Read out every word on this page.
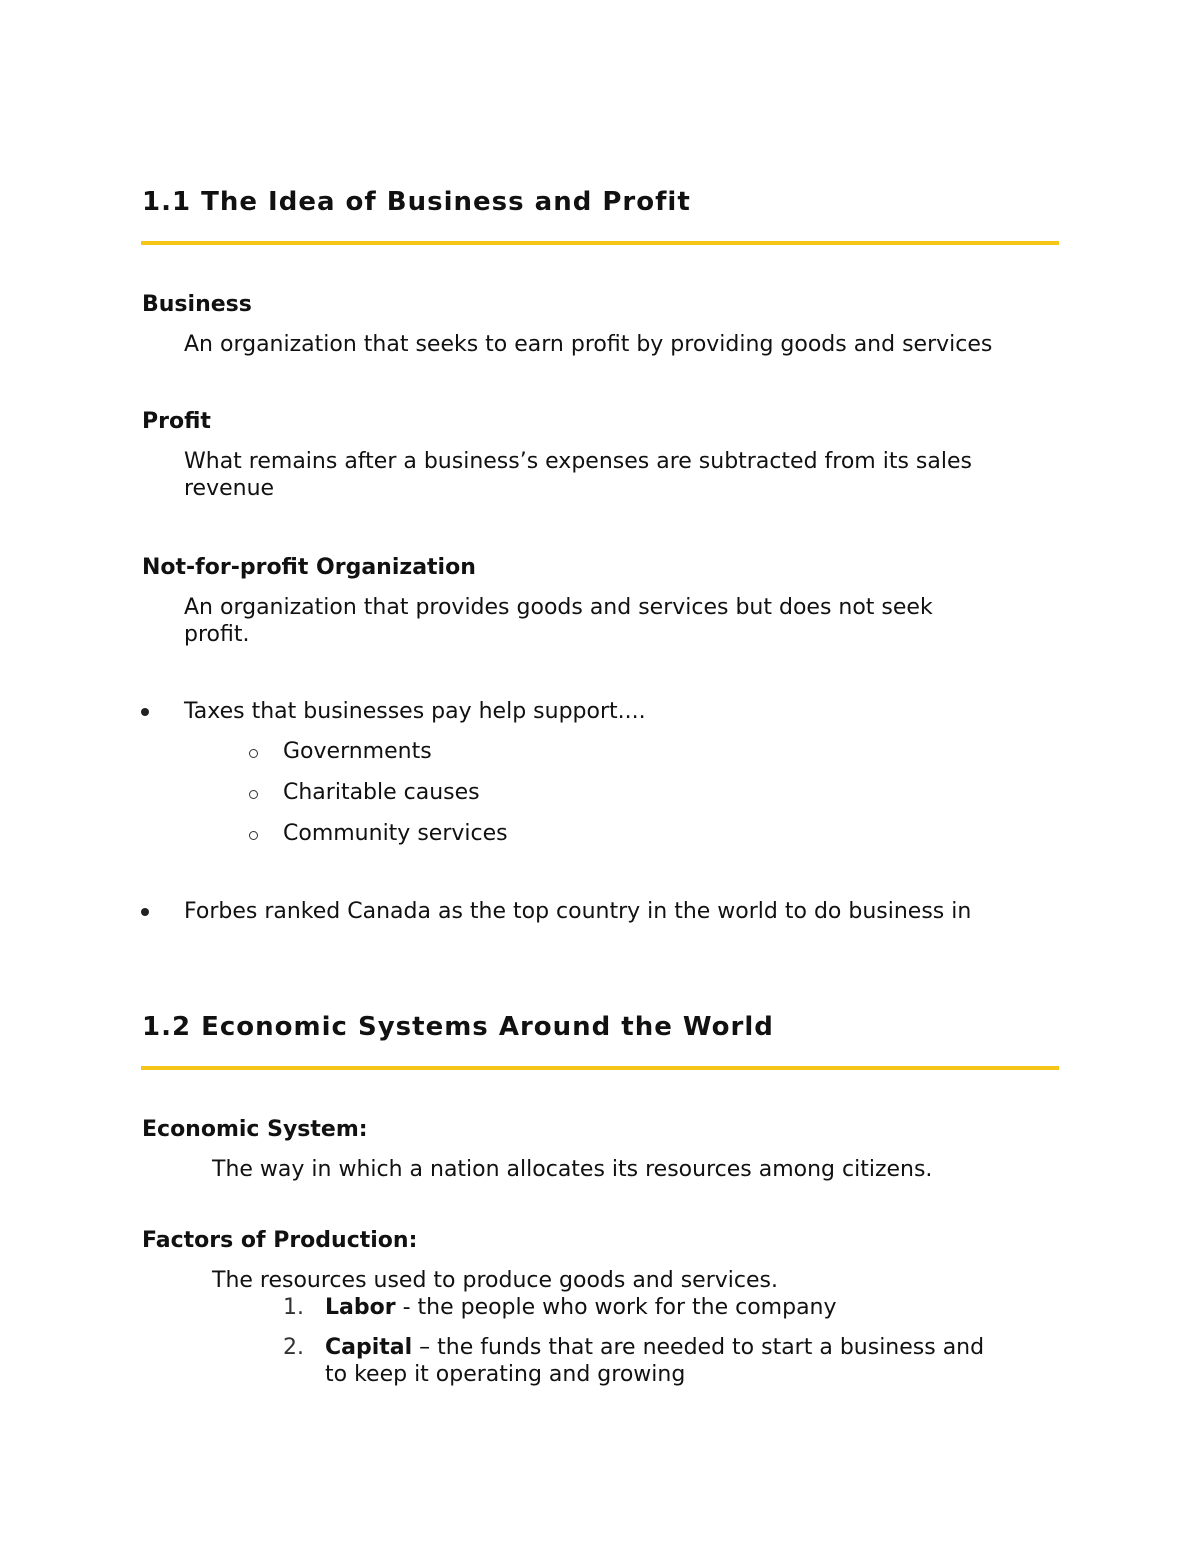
1.1 The Idea of Business and Profit
Business
An organization that seeks to earn profit by providing goods and services
Profit
What remains after a business’s expenses are subtracted from its sales
revenue
Not-for-profit Organization
An organization that provides goods and services but does not seek
profit.
Taxes that businesses pay help support....
Governments
Charitable causes
Community services
Forbes ranked Canada as the top country in the world to do business in
1.2 Economic Systems Around the World
Economic System:
The way in which a nation allocates its resources among citizens.
Factors of Production:
The resources used to produce goods and services.
1. Labor - the people who work for the company
2. Capital – the funds that are needed to start a business and
to keep it operating and growing
